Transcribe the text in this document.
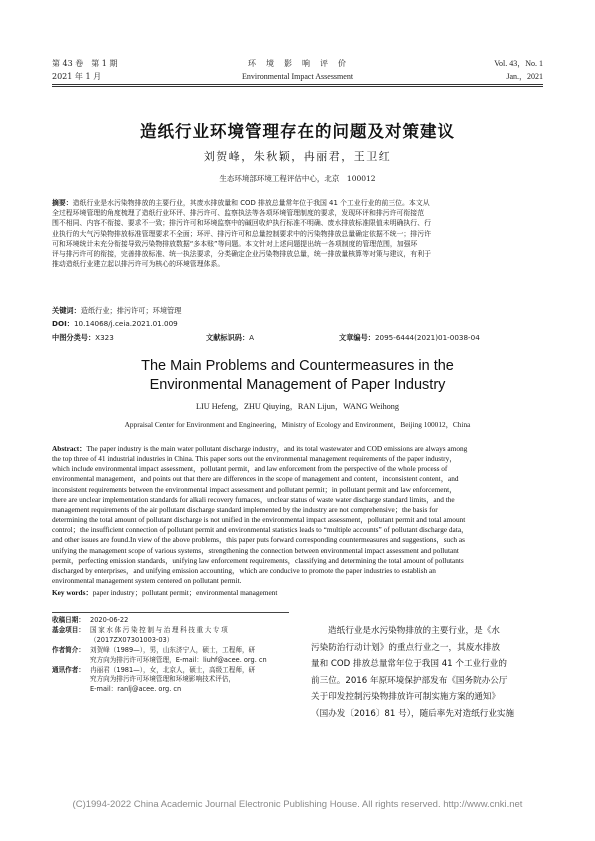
第 43 卷　第 1 期
2021 年 1 月
环　境　影　响　评　价
Environmental Impact Assessment
Vol. 43，No. 1
Jan.，2021
造纸行业环境管理存在的问题及对策建议
刘贺峰，朱秋颖，冉丽君，王卫红
生态环境部环境工程评估中心，北京　100012
摘要：造纸行业是水污染物排放的主要行业，其废水排放量和 COD 排放总量常年位于我国 41 个工业行业的前三位。本文从
全过程环境管理的角度梳理了造纸行业环评、排污许可、监察执法等各项环境管理制度的要求，发现环评和排污许可衔接范
围不相同、内容不衔接、要求不一致；排污许可和环境监察中的碱回收炉执行标准不明确、废水排放标准限值未明确执行、行
业执行的大气污染物排放标准管理要求不全面；环评、排污许可和总量控制要求中的污染物排放总量确定依据不统一；排污许
可和环境统计未充分衔接导致污染物排放数据“多本账”等问题。本文针对上述问题提出统一各项制度的管理范围，加强环
评与排污许可的衔接，完善排放标准、统一执法要求，分类确定企业污染物排放总量，统一排放量核算等对策与建议，有利于
推动造纸行业建立起以排污许可为核心的环境管理体系。
关键词：造纸行业；排污许可；环境管理
DOI：10.14068/j.ceia.2021.01.009
中图分类号：X323	文献标识码：A	文章编号：2095-6444(2021)01-0038-04
The Main Problems and Countermeasures in the
Environmental Management of Paper Industry
LIU Hefeng，ZHU Qiuying，RAN Lijun，WANG Weihong
Appraisal Center for Environment and Engineering，Ministry of Ecology and Environment，Beijing 100012，China
Abstract：The paper industry is the main water pollutant discharge industry，and its total wastewater and COD emissions are always among
the top three of 41 industrial industries in China. This paper sorts out the environmental management requirements of the paper industry，
which include environmental impact assessment，pollutant permit，and law enforcement from the perspective of the whole process of
environmental management，and points out that there are differences in the scope of management and content，inconsistent content，and
inconsistent requirements between the environmental impact assessment and pollutant permit；in pollutant permit and law enforcement，
there are unclear implementation standards for alkali recovery furnaces，unclear status of waste water discharge standard limits，and the
management requirements of the air pollutant discharge standard implemented by the industry are not comprehensive；the basis for
determining the total amount of pollutant discharge is not unified in the environmental impact assessment，pollutant permit and total amount
control；the insufficient connection of pollutant permit and environmental statistics leads to “multiple accounts” of pollutant discharge data，
and other issues are found.In view of the above problems，this paper puts forward corresponding countermeasures and suggestions，such as
unifying the management scope of various systems，strengthening the connection between environmental impact assessment and pollutant
permit，perfecting emission standards，unifying law enforcement requirements，classifying and determining the total amount of pollutants
discharged by enterprises，and unifying emission accounting，which are conducive to promote the paper industries to establish an
environmental management system centered on pollutant permit.
Key words：paper industry；pollutant permit；environmental management
收稿日期： 2020-06-22
基金项目： 国家水体污染控制与治理科技重大专项
（2017ZX07301003-03）
作者简介： 刘贺峰（1989—），男，山东济宁人，硕士，工程师，研
究方向为排污许可环境管理，E-mail：liuhf@acee. org. cn
通讯作者： 冉丽君（1981—），女，北京人，硕士，高级工程师，研
究方向为排污许可环境管理和环境影响技术评估，
E-mail：ranlj@acee. org. cn
造纸行业是水污染物排放的主要行业，是《水
污染防治行动计划》的重点行业之一，其废水排放
量和 COD 排放总量常年位于我国 41 个工业行业的
前三位。2016 年原环境保护部发布《国务院办公厅
关于印发控制污染物排放许可制实施方案的通知》
（国办发〔2016〕81 号），随后率先对造纸行业实施
(C)1994-2022 China Academic Journal Electronic Publishing House. All rights reserved. http://www.cnki.net
